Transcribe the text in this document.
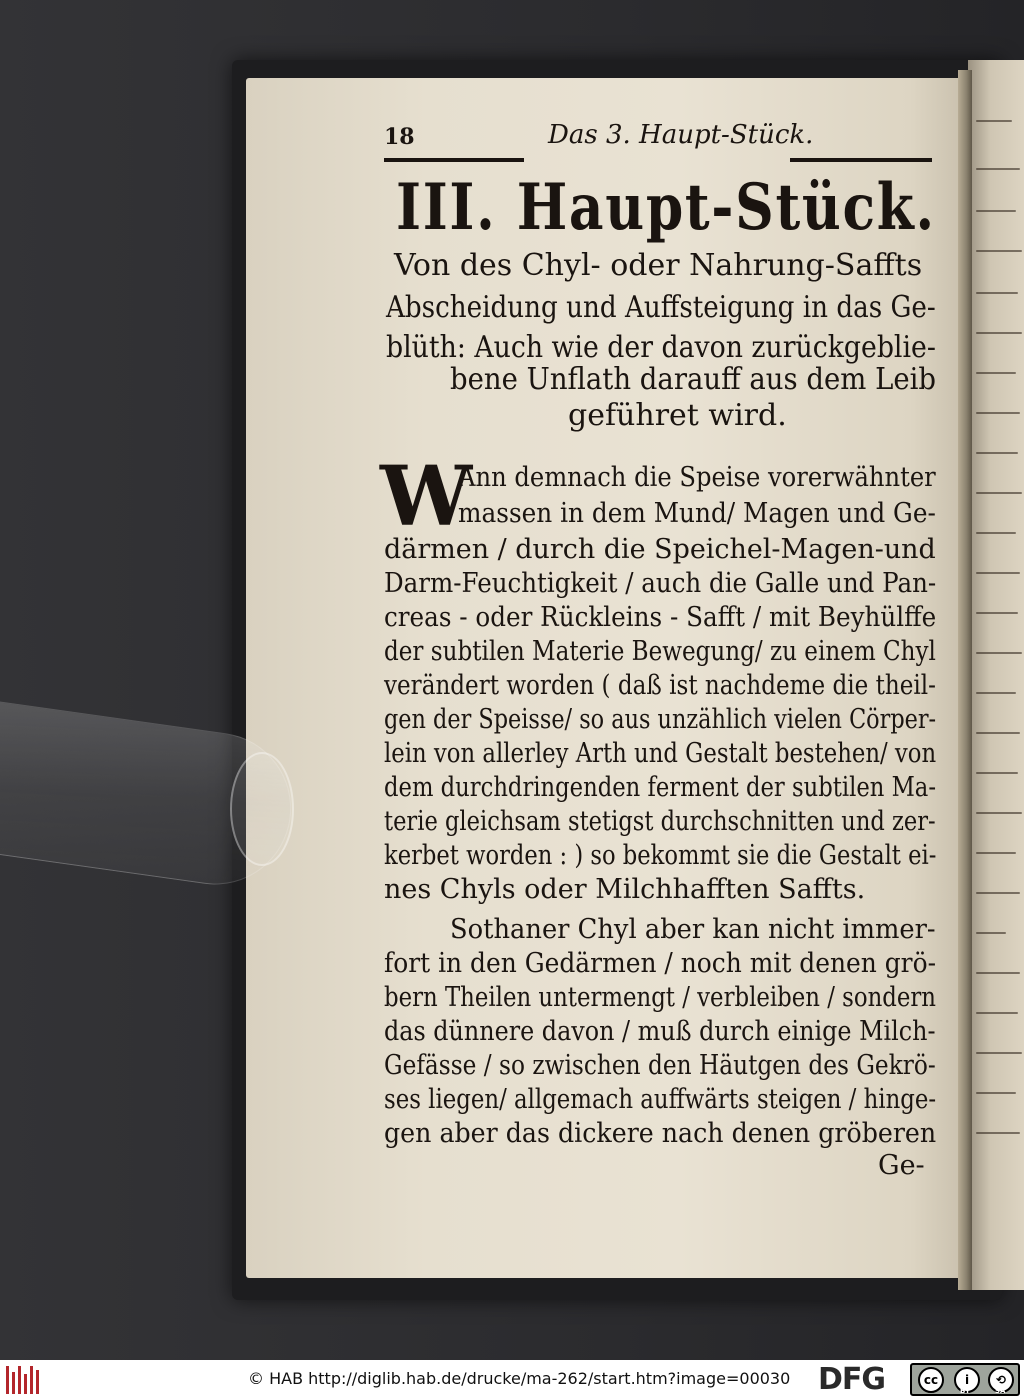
18	Das 3. Haupt-Stück.
III. Haupt-Stück.
Von des Chyl- oder Nahrung-Saffts
Abscheidung und Auffsteigung in das Ge-
blüth: Auch wie der davon zurückgeblie-
bene Unflath darauff aus dem Leib
geführet wird.
W
Ann demnach die Speise vorerwähnter
massen in dem Mund/ Magen und Ge-
därmen / durch die Speichel-Magen-und
Darm-Feuchtigkeit / auch die Galle und Pan-
creas - oder Rückleins - Safft / mit Beyhülffe
der subtilen Materie Bewegung/ zu einem Chyl
verändert worden ( daß ist nachdeme die theil-
gen der Speisse/ so aus unzählich vielen Cörper-
lein von allerley Arth und Gestalt bestehen/ von
dem durchdringenden ferment der subtilen Ma-
terie gleichsam stetigst durchschnitten und zer-
kerbet worden : ) so bekommt sie die Gestalt ei-
nes Chyls oder Milchhafften Saffts.
Sothaner Chyl aber kan nicht immer-
fort in den Gedärmen / noch mit denen grö-
bern Theilen untermengt / verbleiben / sondern
das dünnere davon / muß durch einige Milch-
Gefässe / so zwischen den Häutgen des Gekrö-
ses liegen/ allgemach auffwärts steigen / hinge-
gen aber das dickere nach denen gröberen
Ge-
© HAB http://diglib.hab.de/drucke/ma-262/start.htm?image=00030 DFG	cc	i	⟲
BY	SA
